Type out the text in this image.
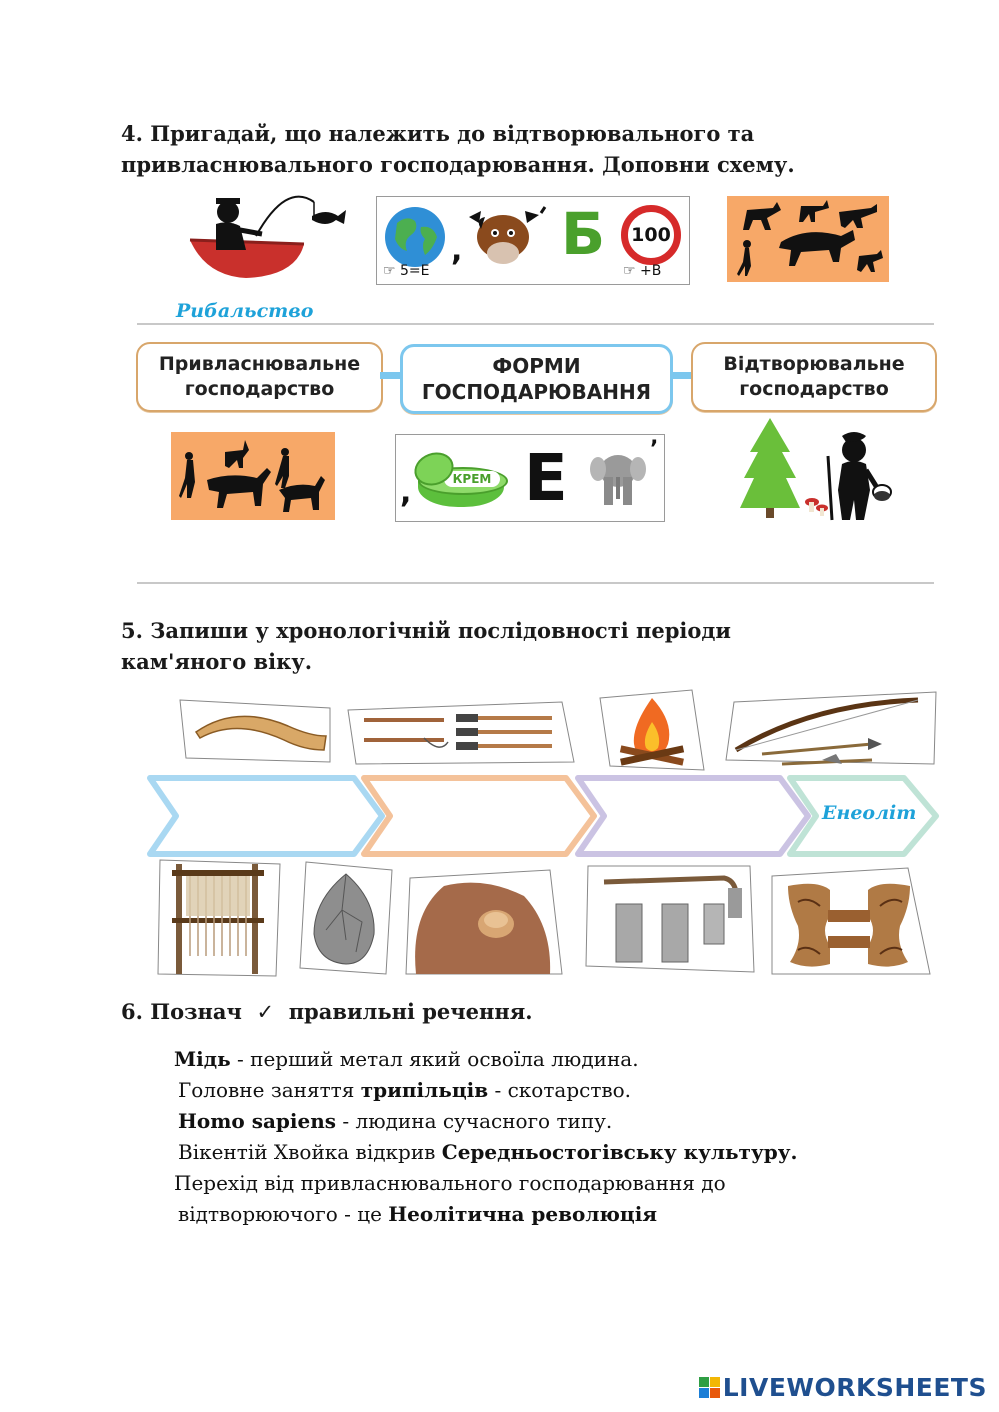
4. Пригадай, що належить до відтворювального та
привласнювального господарювання. Доповни схему.
, Б 100
☞ 5=Е	☞ +В
Рибальство
Привласнювальне
господарство
ФОРМИ
ГОСПОДАРЮВАННЯ
Відтворювальне
господарство
,	КРЕМ Е	ʼ
5. Запиши у хронологічній послідовності періоди
кам'яного віку.
Енеоліт
6. Познач ✓ правильні речення.
Мідь - перший метал який освоїла людина.
Головне заняття трипільців - скотарство.
Homo sapiens - людина сучасного типу.
Вікентій Хвойка відкрив Середньостогівську культуру.
Перехід від привласнювального господарювання до
відтворюючого - це Неолітична революція
LIVEWORKSHEETS
